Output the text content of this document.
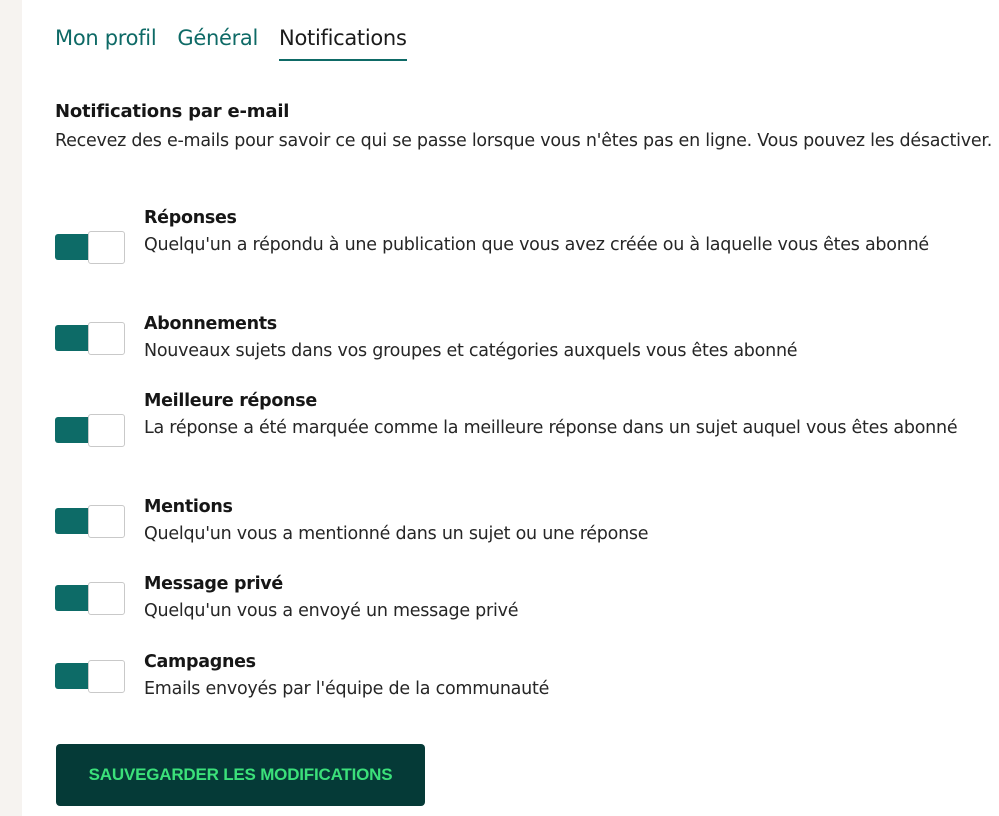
Mon profil Général Notifications
Notifications par e-mail
Recevez des e-mails pour savoir ce qui se passe lorsque vous n'êtes pas en ligne. Vous pouvez les désactiver.
Réponses
Quelqu'un a répondu à une publication que vous avez créée ou à laquelle vous êtes abonné
Abonnements
Nouveaux sujets dans vos groupes et catégories auxquels vous êtes abonné
Meilleure réponse
La réponse a été marquée comme la meilleure réponse dans un sujet auquel vous êtes abonné
Mentions
Quelqu'un vous a mentionné dans un sujet ou une réponse
Message privé
Quelqu'un vous a envoyé un message privé
Campagnes
Emails envoyés par l'équipe de la communauté
SAUVEGARDER LES MODIFICATIONS
